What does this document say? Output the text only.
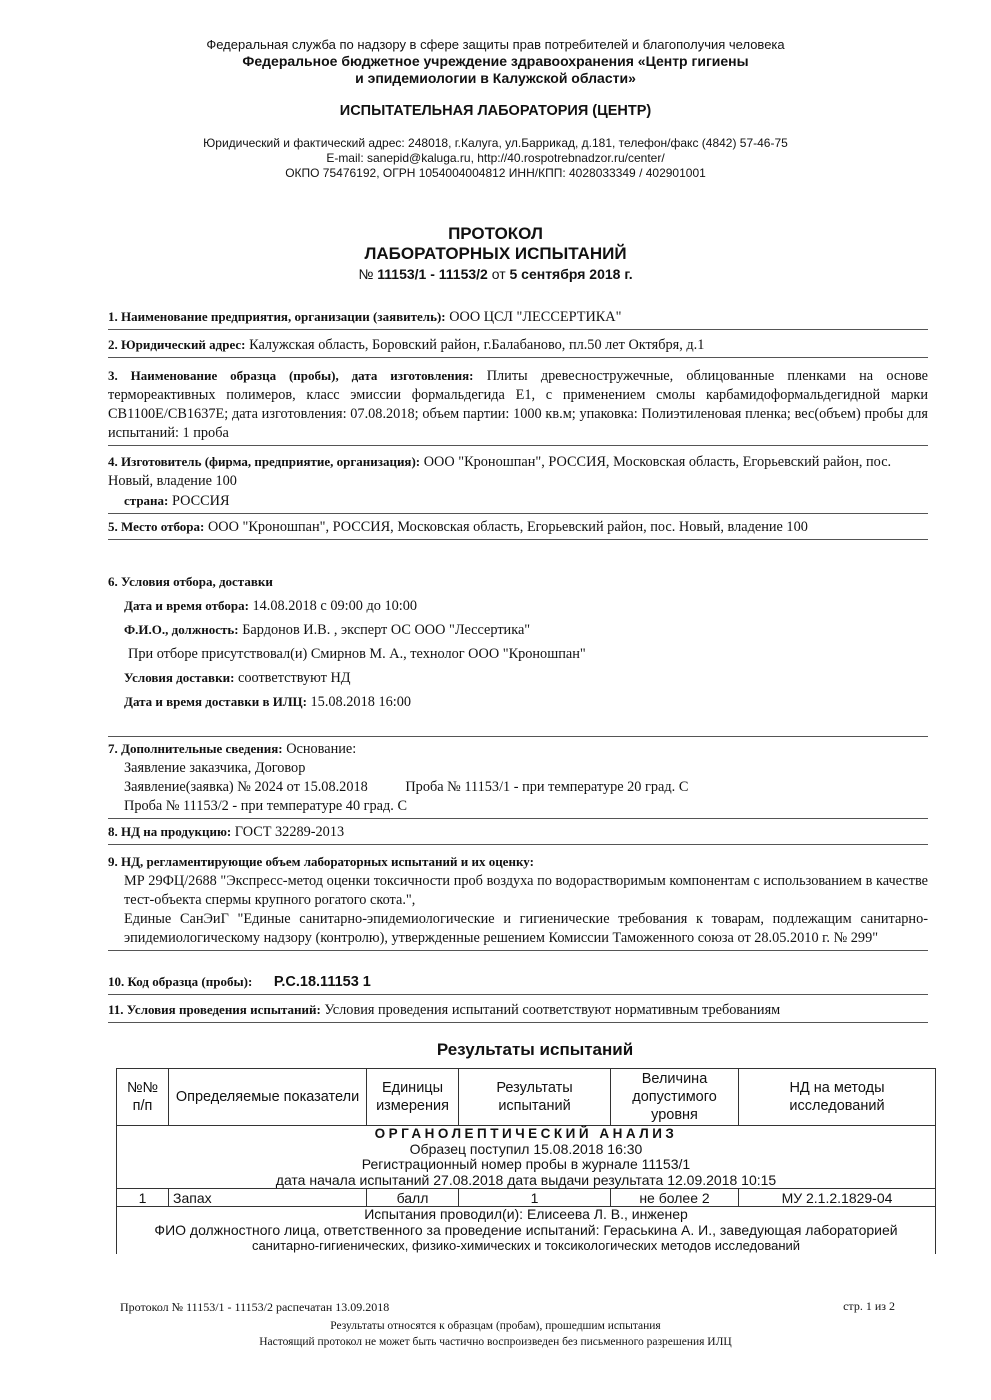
Федеральная служба по надзору в сфере защиты прав потребителей и благополучия человека
Федеральное бюджетное учреждение здравоохранения «Центр гигиены
и эпидемиологии в Калужской области»
ИСПЫТАТЕЛЬНАЯ ЛАБОРАТОРИЯ (ЦЕНТР)
Юридический и фактический адрес: 248018, г.Калуга, ул.Баррикад, д.181, телефон/факс (4842) 57-46-75
E-mail: sanepid@kaluga.ru, http://40.rospotrebnadzor.ru/center/
ОКПО 75476192, ОГРН 1054004004812 ИНН/КПП: 4028033349 / 402901001
ПРОТОКОЛ
ЛАБОРАТОРНЫХ ИСПЫТАНИЙ
№ 11153/1 - 11153/2 от 5 сентября 2018 г.
1. Наименование предприятия, организации (заявитель): ООО ЦСЛ "ЛЕССЕРТИКА"
2. Юридический адрес: Калужская область, Боровский район, г.Балабаново, пл.50 лет Октября, д.1
3. Наименование образца (пробы), дата изготовления: Плиты древесностружечные, облицованные пленками на основе термореактивных полимеров, класс эмиссии формальдегида Е1, с применением смолы карбамидоформальдегидной марки CB1100E/CB1637E; дата изготовления: 07.08.2018; объем партии: 1000 кв.м; упаковка: Полиэтиленовая пленка; вес(объем) пробы для испытаний: 1 проба
4. Изготовитель (фирма, предприятие, организация): ООО "Кроношпан", РОССИЯ, Московская область, Егорьевский район, пос. Новый, владение 100
страна: РОССИЯ
5. Место отбора: ООО "Кроношпан", РОССИЯ, Московская область, Егорьевский район, пос. Новый, владение 100
6. Условия отбора, доставки
Дата и время отбора: 14.08.2018 с 09:00 до 10:00
Ф.И.О., должность: Бардонов И.В. , эксперт ОС ООО "Лессертика"
При отборе присутствовал(и) Смирнов М. А., технолог ООО "Кроношпан"
Условия доставки: соответствуют НД
Дата и время доставки в ИЛЦ: 15.08.2018 16:00
7. Дополнительные сведения: Основание:
Заявление заказчика, Договор
Заявление(заявка) № 2024 от 15.08.2018	Проба № 11153/1 - при температуре 20 град. С
Проба № 11153/2 - при температуре 40 град. С
8. НД на продукцию: ГОСТ 32289-2013
9. НД, регламентирующие объем лабораторных испытаний и их оценку:
МР 29ФЦ/2688 "Экспресс-метод оценки токсичности проб воздуха по водорастворимым компонентам с использованием в качестве тест-объекта спермы крупного рогатого скота.",
Единые СанЭиГ "Единые санитарно-эпидемиологические и гигиенические требования к товарам, подлежащим санитарно-эпидемиологическому надзору (контролю), утвержденные решением Комиссии Таможенного союза от 28.05.2010 г. № 299"
10. Код образца (пробы): Р.С.18.11153 1
11. Условия проведения испытаний: Условия проведения испытаний соответствуют нормативным требованиям
Результаты испытаний
№№ п/п	Определяемые показатели	Единицы измерения	Результаты испытаний	Величина допустимого уровня	НД на методы исследований

ОРГАНОЛЕПТИЧЕСКИЙ АНАЛИЗ
Образец поступил 15.08.2018 16:30
Регистрационный номер пробы в журнале 11153/1
дата начала испытаний 27.08.2018 дата выдачи результата 12.09.2018 10:15					

1	Запах	балл	1	не более 2	МУ 2.1.2.1829-04

Испытания проводил(и): Елисеева Л. В., инженер
ФИО должностного лица, ответственного за проведение испытаний: Гераськина А. И., заведующая лабораторией
санитарно-гигиенических, физико-химических и токсикологических методов исследований					
Протокол № 11153/1 - 11153/2 распечатан 13.09.2018	стр. 1 из 2
Результаты относятся к образцам (пробам), прошедшим испытания
Настоящий протокол не может быть частично воспроизведен без письменного разрешения ИЛЦ
